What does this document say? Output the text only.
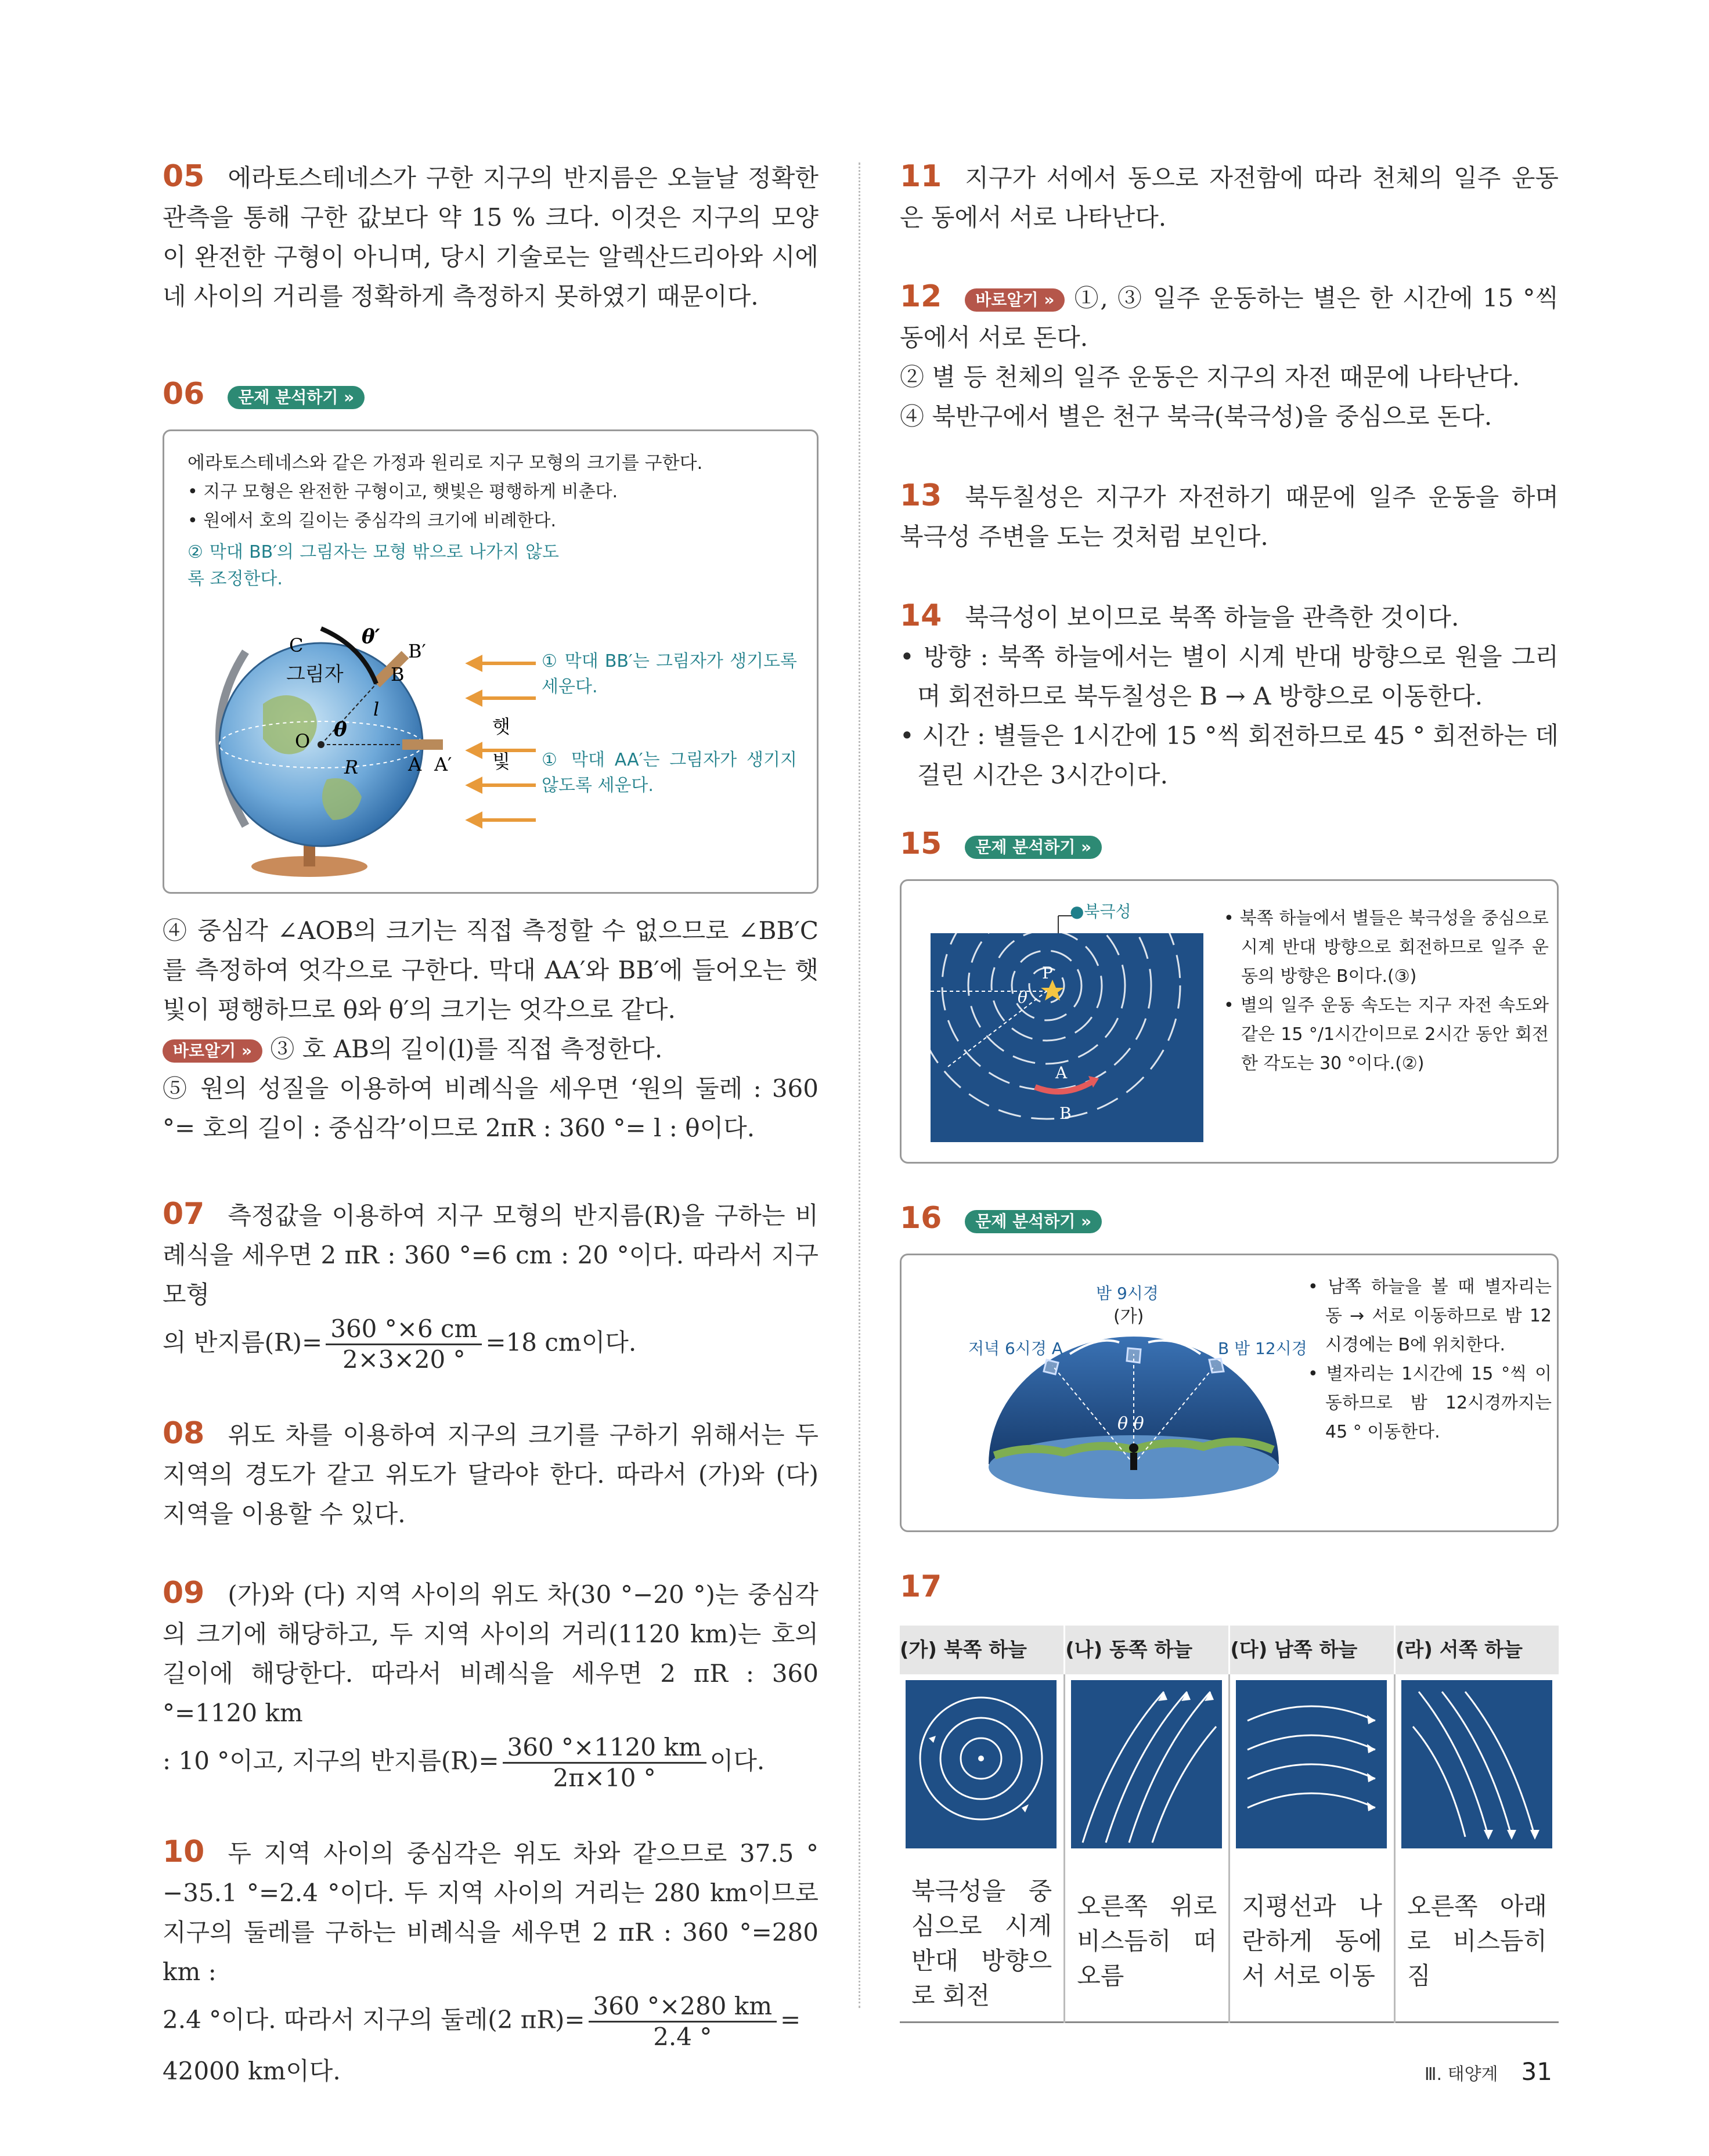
05 에라토스테네스가 구한 지구의 반지름은 오늘날 정확한 관측을 통해 구한 값보다 약 15 % 크다. 이것은 지구의 모양이 완전한 구형이 아니며, 당시 기술로는 알렉산드리아와 시에네 사이의 거리를 정확하게 측정하지 못하였기 때문이다.
06 문제 분석하기 »
에라토스테네스와 같은 가정과 원리로 지구 모형의 크기를 구한다.
• 지구 모형은 완전한 구형이고, 햇빛은 평행하게 비춘다.
• 원에서 호의 길이는 중심각의 크기에 비례한다.
② 막대 BB′의 그림자는 모형 밖으로 나가지 않도록 조정한다.
C	θ′
B′
B
그림자
l
O θ
R	A A′
햇
빛
① 막대 BB′는 그림자가 생기도록 세운다.
① 막대 AA′는 그림자가 생기지 않도록 세운다.
④ 중심각 ∠AOB의 크기는 직접 측정할 수 없으므로 ∠BB′C를 측정하여 엇각으로 구한다. 막대 AA′와 BB′에 들어오는 햇빛이 평행하므로 θ와 θ′의 크기는 엇각으로 같다.
바로알기 » ③ 호 AB의 길이(l)를 직접 측정한다.
⑤ 원의 성질을 이용하여 비례식을 세우면 ‘원의 둘레 : 360 °= 호의 길이 : 중심각’이므로 2πR : 360 °= l : θ이다.
07 측정값을 이용하여 지구 모형의 반지름(R)을 구하는 비례식을 세우면 2 πR : 360 °=6 cm : 20 °이다. 따라서 지구 모형
의 반지름$(R)= \frac{360 ^\circ\times 6 cm}{2\times 3\times 20 ^\circ} =18$ cm이다.
08 위도 차를 이용하여 지구의 크기를 구하기 위해서는 두 지역의 경도가 같고 위도가 달라야 한다. 따라서 (가)와 (다) 지역을 이용할 수 있다.
09 (가)와 (다) 지역 사이의 위도 차(30 °−20 °)는 중심각의 크기에 해당하고, 두 지역 사이의 거리(1120 km)는 호의 길이에 해당한다. 따라서 비례식을 세우면 2 πR : 360 °=1120 km
: 10 °이고, 지구의 반지름$(R)= \frac{360 ^\circ\times 1120 km}{2\pi\times 10 ^\circ}$ 이다.
10 두 지역 사이의 중심각은 위도 차와 같으므로 37.5 °−35.1 °=2.4 °이다. 두 지역 사이의 거리는 280 km이므로 지구의 둘레를 구하는 비례식을 세우면 2 πR : 360 °=280 km :
2.4 °이다. 따라서 지구의 둘레(2 $\pi R)= \frac{360 ^\circ\times 280 km}{2.4 ^\circ}$ =
42000 km이다.
11 지구가 서에서 동으로 자전함에 따라 천체의 일주 운동은 동에서 서로 나타난다.
12 바로알기 » ①, ③ 일주 운동하는 별은 한 시간에 15 °씩 동에서 서로 돈다.
② 별 등 천체의 일주 운동은 지구의 자전 때문에 나타난다.
④ 북반구에서 별은 천구 북극(북극성)을 중심으로 돈다.
13 북두칠성은 지구가 자전하기 때문에 일주 운동을 하며 북극성 주변을 도는 것처럼 보인다.
14 북극성이 보이므로 북쪽 하늘을 관측한 것이다.
• 방향 : 북쪽 하늘에서는 별이 시계 반대 방향으로 원을 그리며 회전하므로 북두칠성은 B → A 방향으로 이동한다.
• 시간 : 별들은 1시간에 15 °씩 회전하므로 45 ° 회전하는 데 걸린 시간은 3시간이다.
15 문제 분석하기 »
●북극성
P
θ
A
B
• 북쪽 하늘에서 별들은 북극성을 중심으로 시계 반대 방향으로 회전하므로 일주 운동의 방향은 B이다.(③)
• 별의 일주 운동 속도는 지구 자전 속도와 같은 15 °/1시간이므로 2시간 동안 회전한 각도는 30 °이다.(②)
16 문제 분석하기 »
θ θ
밤 9시경
(가)
저녁 6시경 A	B 밤 12시경
• 남쪽 하늘을 볼 때 별자리는 동 → 서로 이동하므로 밤 12시경에는 B에 위치한다.
• 별자리는 1시간에 15 °씩 이동하므로 밤 12시경까지는 45 ° 이동한다.
17
(가) 북쪽 하늘	(나) 동쪽 하늘	(다) 남쪽 하늘	(라) 서쪽 하늘

북극성을 중심으로 시계 반대 방향으로 회전	오른쪽 위로 비스듬히 떠오름	지평선과 나란하게 동에서 서로 이동	오른쪽 아래로 비스듬히 짐
Ⅲ. 태양계 31
